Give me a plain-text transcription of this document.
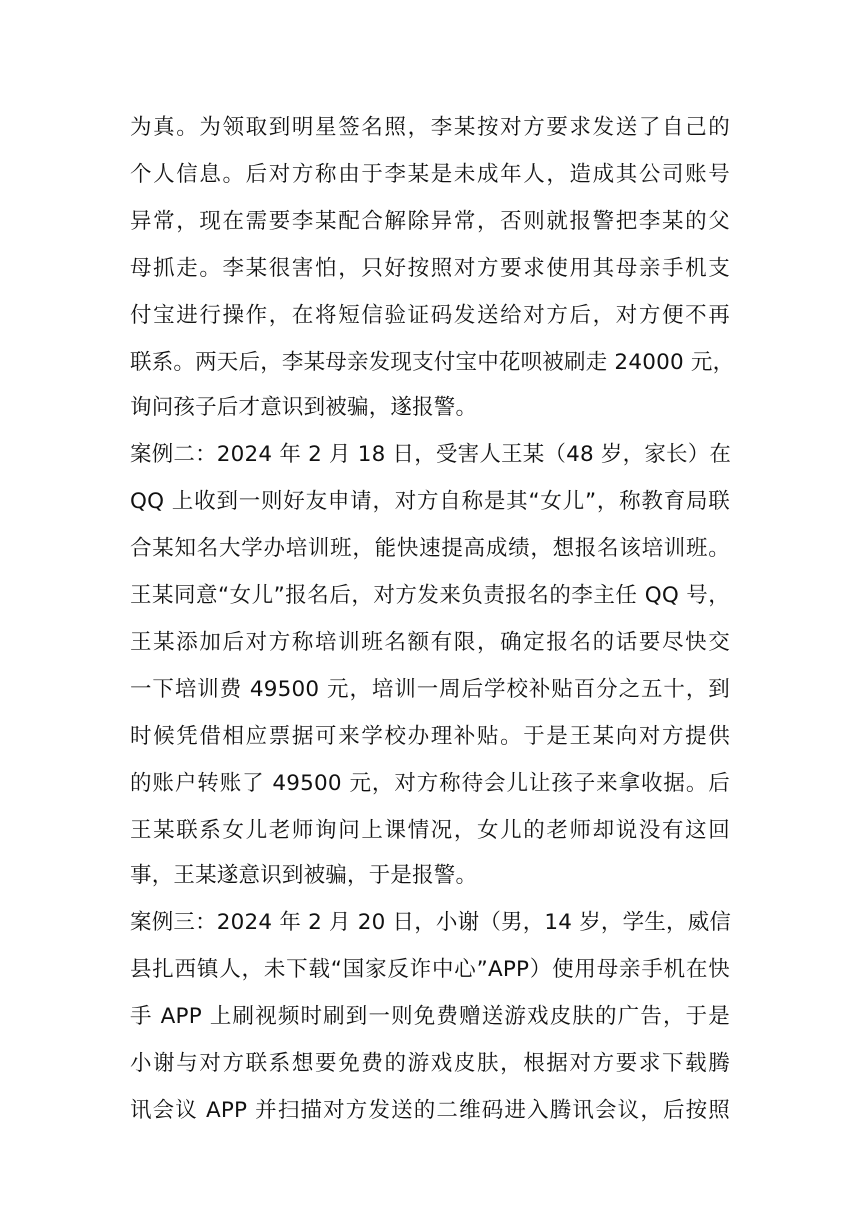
为真。为领取到明星签名照，李某按对方要求发送了自己的
个人信息。后对方称由于李某是未成年人，造成其公司账号
异常，现在需要李某配合解除异常，否则就报警把李某的父
母抓走。李某很害怕，只好按照对方要求使用其母亲手机支
付宝进行操作，在将短信验证码发送给对方后，对方便不再
联系。两天后，李某母亲发现支付宝中花呗被刷走 24000 元，
询问孩子后才意识到被骗，遂报警。
案例二：2024 年 2 月 18 日，受害人王某（48 岁，家长）在
QQ 上收到一则好友申请，对方自称是其“女儿”，称教育局联
合某知名大学办培训班，能快速提高成绩，想报名该培训班。
王某同意“女儿”报名后，对方发来负责报名的李主任 QQ 号，
王某添加后对方称培训班名额有限，确定报名的话要尽快交
一下培训费 49500 元，培训一周后学校补贴百分之五十，到
时候凭借相应票据可来学校办理补贴。于是王某向对方提供
的账户转账了 49500 元，对方称待会儿让孩子来拿收据。后
王某联系女儿老师询问上课情况，女儿的老师却说没有这回
事，王某遂意识到被骗，于是报警。
案例三：2024 年 2 月 20 日，小谢（男，14 岁，学生，威信
县扎西镇人，未下载“国家反诈中心”APP）使用母亲手机在快
手 APP 上刷视频时刷到一则免费赠送游戏皮肤的广告，于是
小谢与对方联系想要免费的游戏皮肤，根据对方要求下载腾
讯会议 APP 并扫描对方发送的二维码进入腾讯会议，后按照
